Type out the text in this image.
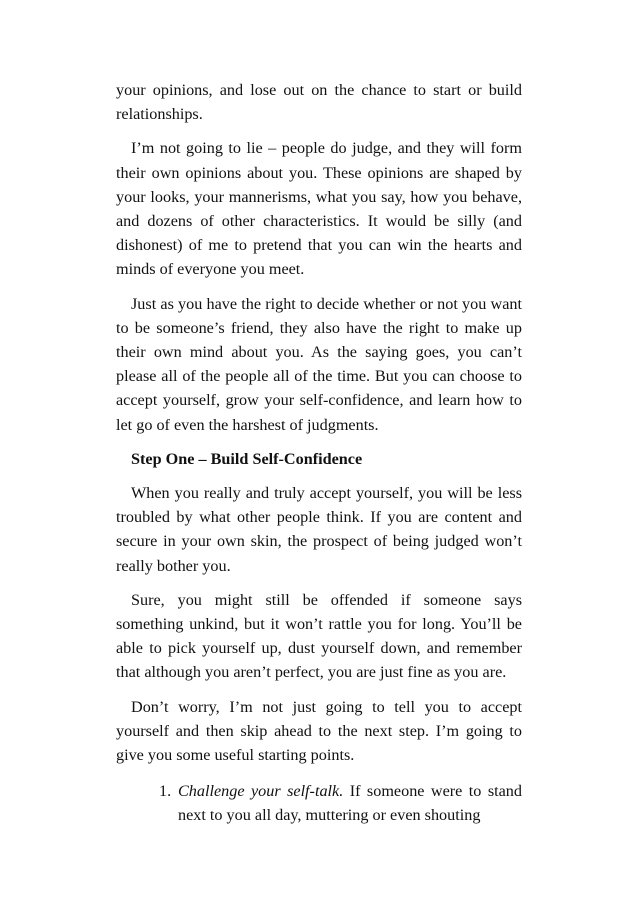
your opinions, and lose out on the chance to start or build relationships.

I’m not going to lie – people do judge, and they will form their own opinions about you. These opinions are shaped by your looks, your mannerisms, what you say, how you behave, and dozens of other characteristics. It would be silly (and dishonest) of me to pretend that you can win the hearts and minds of everyone you meet.

Just as you have the right to decide whether or not you want to be someone’s friend, they also have the right to make up their own mind about you. As the saying goes, you can’t please all of the people all of the time. But you can choose to accept yourself, grow your self-confidence, and learn how to let go of even the harshest of judgments.

Step One – Build Self-Confidence

When you really and truly accept yourself, you will be less troubled by what other people think. If you are content and secure in your own skin, the prospect of being judged won’t really bother you.

Sure, you might still be offended if someone says something unkind, but it won’t rattle you for long. You’ll be able to pick yourself up, dust yourself down, and remember that although you aren’t perfect, you are just fine as you are.

Don’t worry, I’m not just going to tell you to accept yourself and then skip ahead to the next step. I’m going to give you some useful starting points.

1. Challenge your self-talk. If someone were to stand next to you all day, muttering or even shouting
